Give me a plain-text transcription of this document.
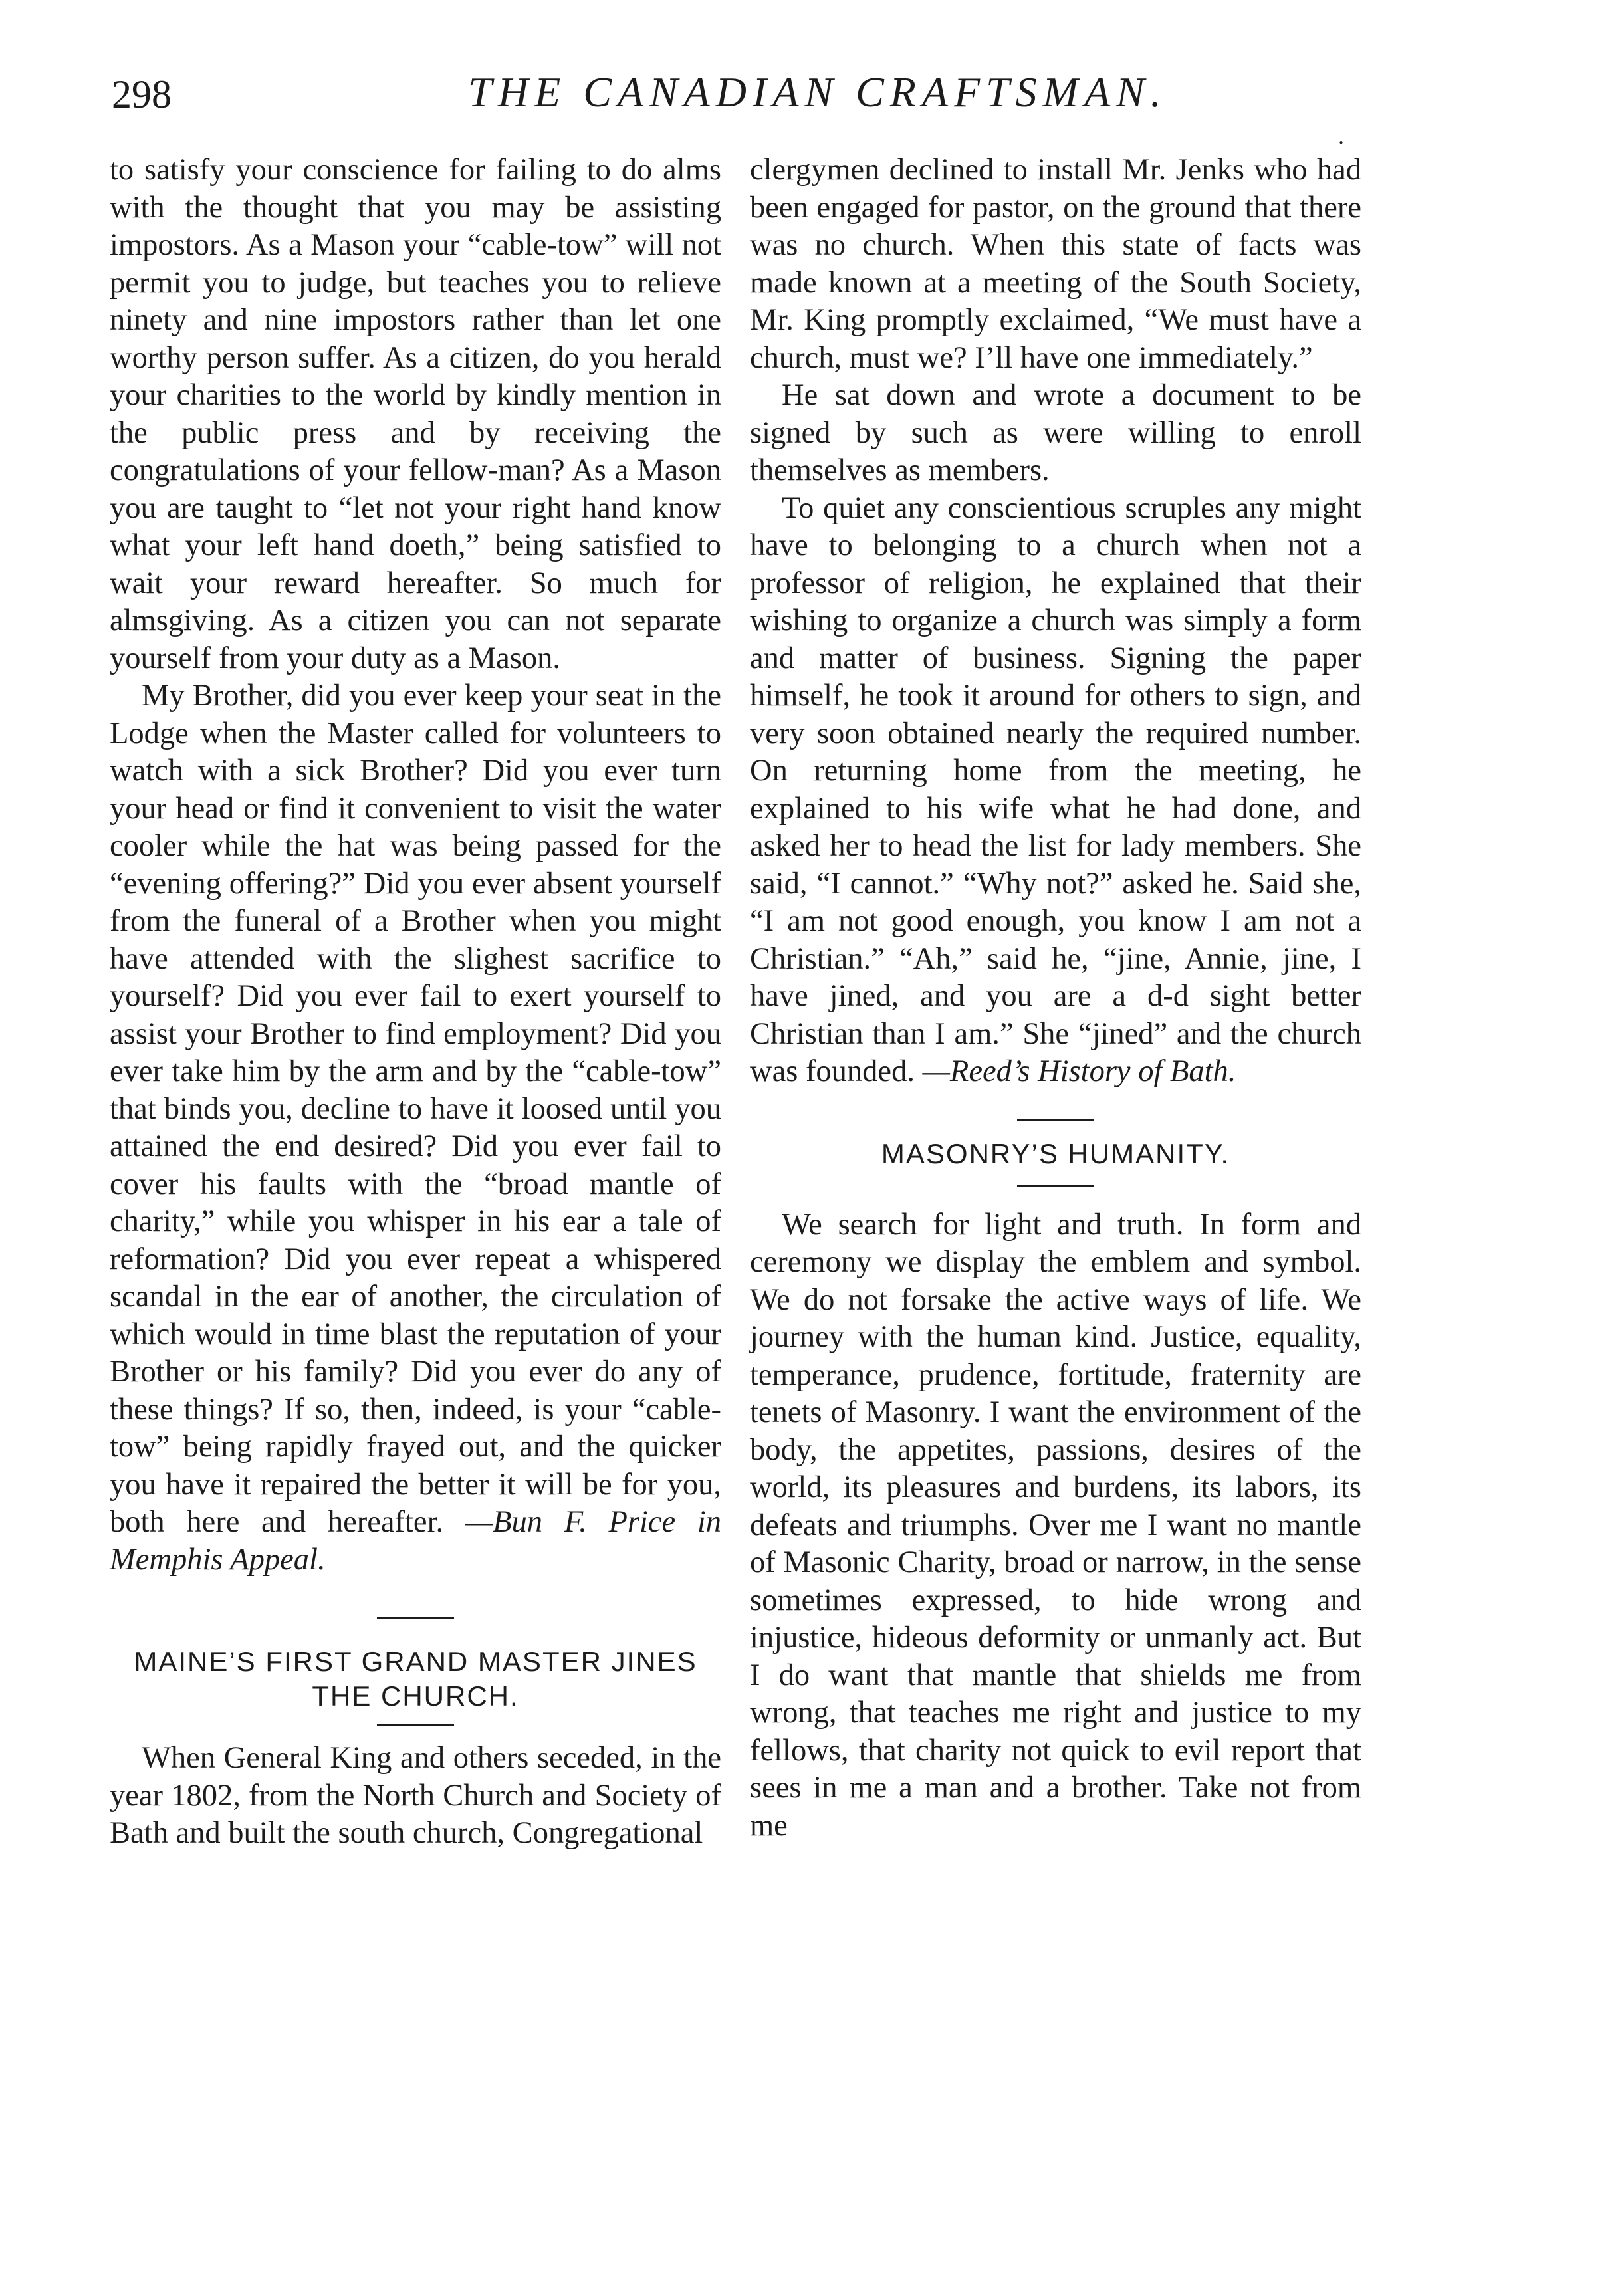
298	THE CANADIAN CRAFTSMAN.
.

to satisfy your conscience for failing to do alms with the thought that you may be assisting impostors. As a Mason your “cable-tow” will not permit you to judge, but teaches you to relieve ninety and nine impostors rather than let one worthy person suffer. As a citizen, do you herald your charities to the world by kindly mention in the public press and by receiving the congratulations of your fellow-man? As a Mason you are taught to “let not your right hand know what your left hand doeth,” being satisfied to wait your reward hereafter. So much for almsgiving. As a citizen you can not separate yourself from your duty as a Mason.

My Brother, did you ever keep your seat in the Lodge when the Master called for volunteers to watch with a sick Brother? Did you ever turn your head or find it convenient to visit the water cooler while the hat was being passed for the “evening offering?” Did you ever absent yourself from the funeral of a Brother when you might have attended with the slighest sacrifice to yourself? Did you ever fail to exert yourself to assist your Brother to find employment? Did you ever take him by the arm and by the “cable-tow” that binds you, decline to have it loosed until you attained the end desired? Did you ever fail to cover his faults with the “broad mantle of charity,” while you whisper in his ear a tale of reformation? Did you ever repeat a whispered scandal in the ear of another, the circulation of which would in time blast the reputation of your Brother or his family? Did you ever do any of these things? If so, then, indeed, is your “cable-tow” being rapidly frayed out, and the quicker you have it repaired the better it will be for you, both here and hereafter. —Bun F. Price in Memphis Appeal.

MAINE’S FIRST GRAND MASTER JINES THE CHURCH.

When General King and others seceded, in the year 1802, from the North Church and Society of Bath and built the south church, Congregational

clergymen declined to install Mr. Jenks who had been engaged for pastor, on the ground that there was no church. When this state of facts was made known at a meeting of the South Society, Mr. King promptly exclaimed, “We must have a church, must we? I’ll have one immediately.”

He sat down and wrote a document to be signed by such as were willing to enroll themselves as members.

To quiet any conscientious scruples any might have to belonging to a church when not a professor of religion, he explained that their wishing to organize a church was simply a form and matter of business. Signing the paper himself, he took it around for others to sign, and very soon obtained nearly the required number. On returning home from the meeting, he explained to his wife what he had done, and asked her to head the list for lady members. She said, “I cannot.” “Why not?” asked he. Said she, “I am not good enough, you know I am not a Christian.” “Ah,” said he, “jine, Annie, jine, I have jined, and you are a d-d sight better Christian than I am.” She “jined” and the church was founded. —Reed’s History of Bath.

MASONRY’S HUMANITY.

We search for light and truth. In form and ceremony we display the emblem and symbol. We do not forsake the active ways of life. We journey with the human kind. Justice, equality, temperance, prudence, fortitude, fraternity are tenets of Masonry. I want the environment of the body, the appetites, passions, desires of the world, its pleasures and burdens, its labors, its defeats and triumphs. Over me I want no mantle of Masonic Charity, broad or narrow, in the sense sometimes expressed, to hide wrong and injustice, hideous deformity or unmanly act. But I do want that mantle that shields me from wrong, that teaches me right and justice to my fellows, that charity not quick to evil report that sees in me a man and a brother. Take not from me
